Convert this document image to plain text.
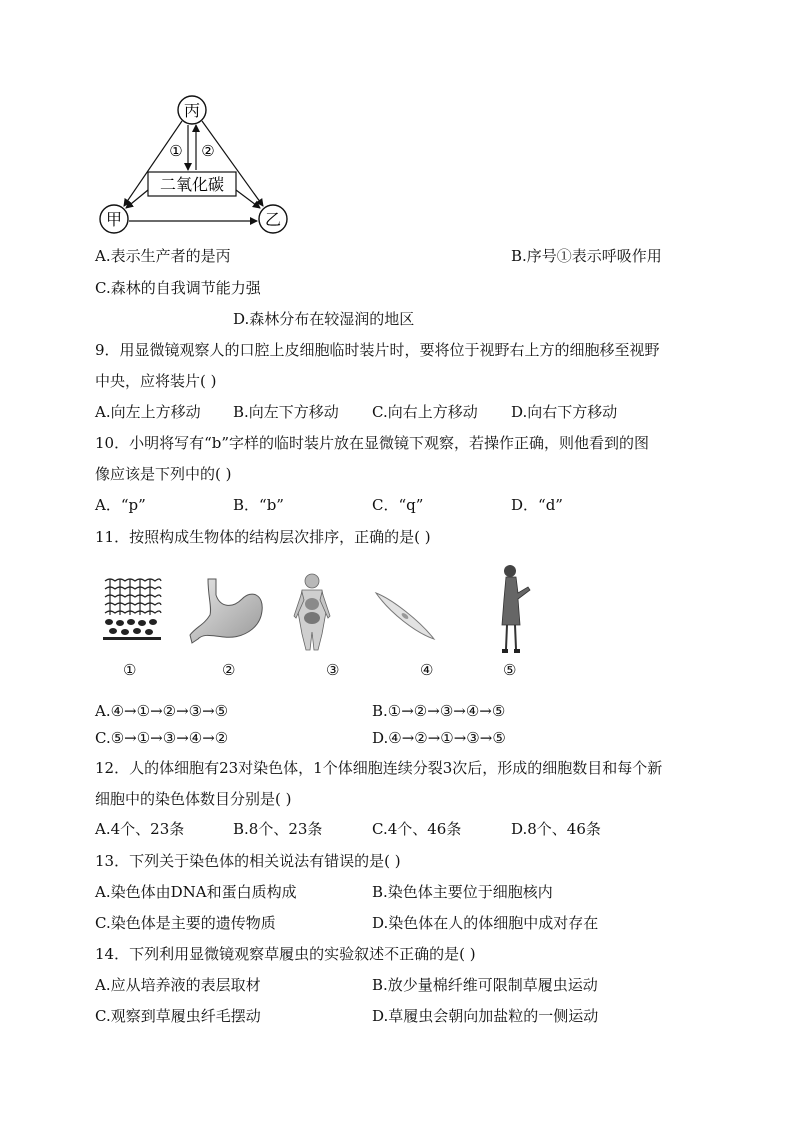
丙
甲	乙
二氧化碳
① ②
A.表示生产者的是丙	B.序号①表示呼吸作用
C.森林的自我调节能力强
D.森林分布在较湿润的地区
9．用显微镜观察人的口腔上皮细胞临时装片时，要将位于视野右上方的细胞移至视野
中央，应将装片( )
A.向左上方移动 B.向左下方移动 C.向右上方移动 D.向右下方移动
10．小明将写有“b”字样的临时装片放在显微镜下观察，若操作正确，则他看到的图
像应该是下列中的( )
A．“p”	B．“b”	C．“q”	D．“d”
11．按照构成生物体的结构层次排序，正确的是( )
①	②	③	④	⑤
A.④→①→②→③→⑤	B.①→②→③→④→⑤
C.⑤→①→③→④→②	D.④→②→①→③→⑤
12．人的体细胞有23对染色体，1个体细胞连续分裂3次后，形成的细胞数目和每个新
细胞中的染色体数目分别是( )
A.4个、23条	B.8个、23条	C.4个、46条	D.8个、46条
13．下列关于染色体的相关说法有错误的是( )
A.染色体由DNA和蛋白质构成	B.染色体主要位于细胞核内
C.染色体是主要的遗传物质	D.染色体在人的体细胞中成对存在
14．下列利用显微镜观察草履虫的实验叙述不正确的是( )
A.应从培养液的表层取材	B.放少量棉纤维可限制草履虫运动
C.观察到草履虫纤毛摆动	D.草履虫会朝向加盐粒的一侧运动
